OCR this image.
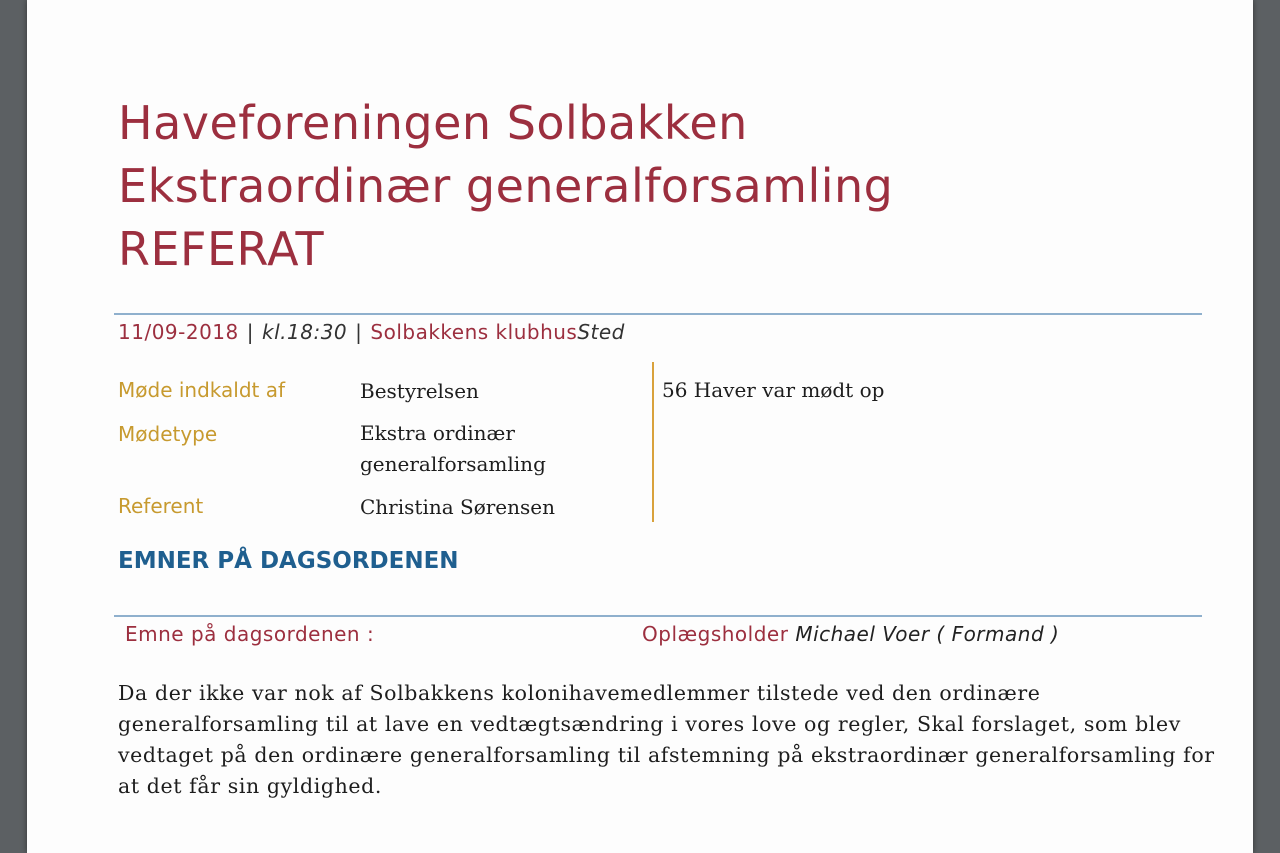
Haveforeningen Solbakken
Ekstraordinær generalforsamling
REFERAT
11/09-2018 | kl.18:30 | Solbakkens klubhusSted
Møde indkaldt af	Bestyrelsen
Mødetype	Ekstra ordinær generalforsamling
Referent	Christina Sørensen
56 Haver var mødt op
EMNER PÅ DAGSORDENEN
Emne på dagsordenen :	Oplægsholder Michael Voer ( Formand )
Da der ikke var nok af Solbakkens kolonihavemedlemmer tilstede ved den ordinære generalforsamling til at lave en vedtægtsændring i vores love og regler, Skal forslaget, som blev vedtaget på den ordinære generalforsamling til afstemning på ekstraordinær generalforsamling for at det får sin gyldighed.
